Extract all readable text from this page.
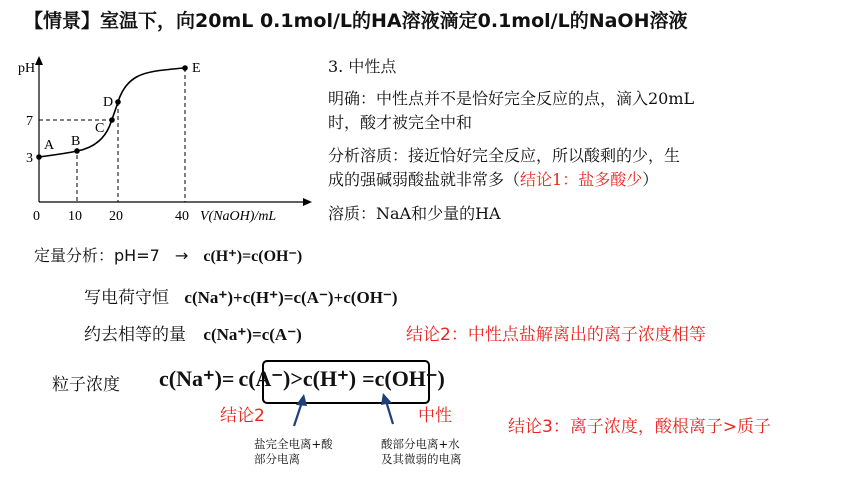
【情景】室温下，向20mL 0.1mol/L的HA溶液滴定0.1mol/L的NaOH溶液
pH
7
3
A B
C
D
E
0 10 20	40 V(NaOH)/mL
3. 中性点
明确：中性点并不是恰好完全反应的点，滴入20mL
时，酸才被完全中和
分析溶质：接近恰好完全反应，所以酸剩的少，生
成的强碱弱酸盐就非常多（结论1：盐多酸少）
溶质：NaA和少量的HA
定量分析：pH=7 → c(H⁺)=c(OH⁻)
写电荷守恒 c(Na⁺)+c(H⁺)=c(A⁻)+c(OH⁻)
约去相等的量 c(Na⁺)=c(A⁻)	结论2：中性点盐解离出的离子浓度相等
粒子浓度 c(Na⁺)= c(A⁻)>c(H⁺) =c(OH⁻)
结论2	中性
结论3：离子浓度，酸根离子>质子
盐完全电离+酸
部分电离
酸部分电离+水
及其微弱的电离
